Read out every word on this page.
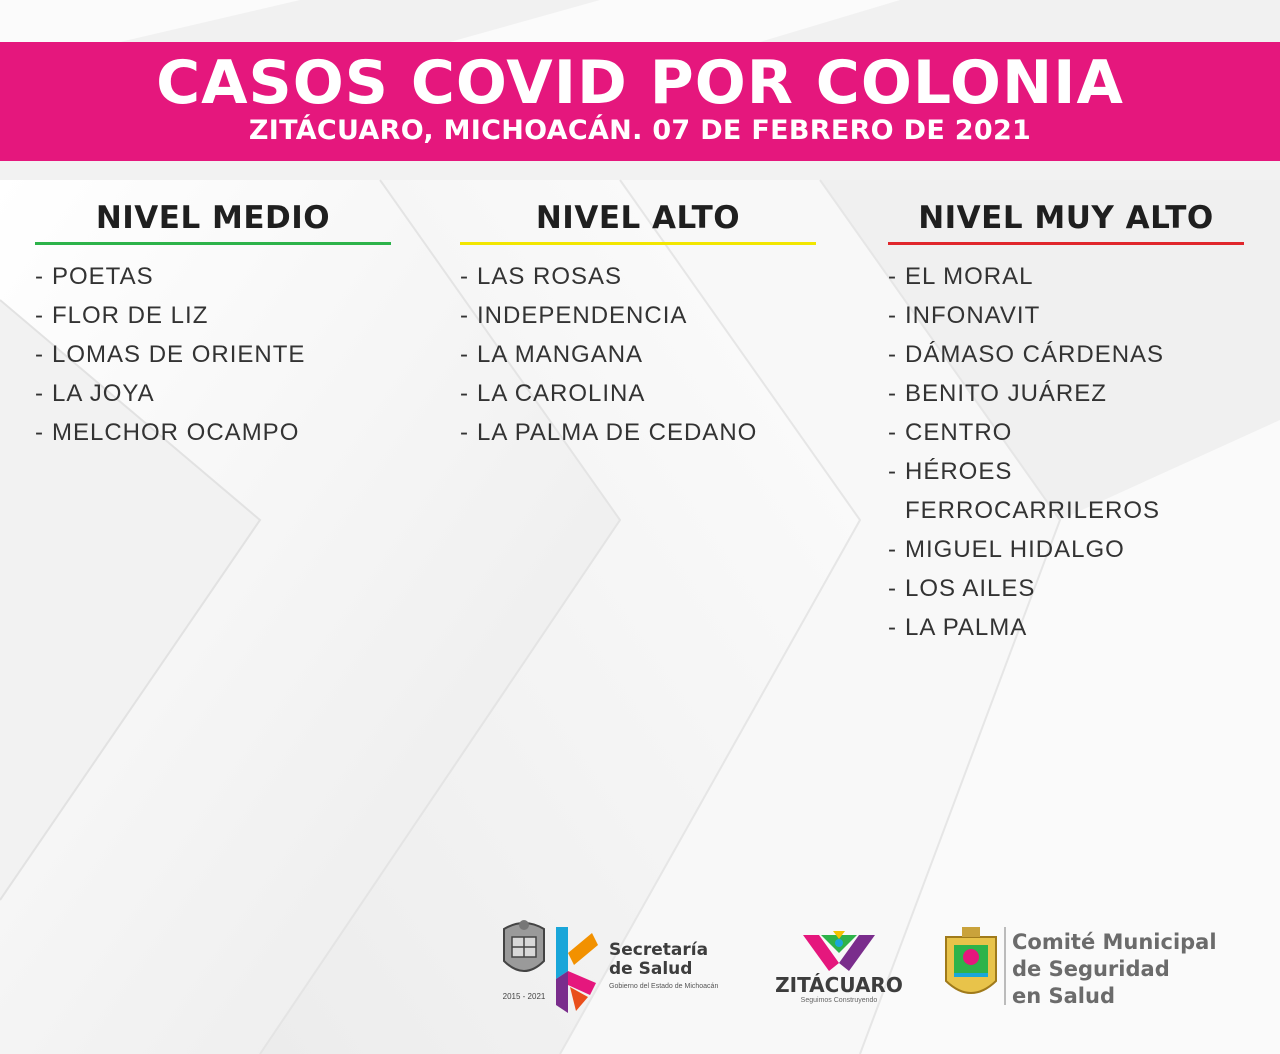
CASOS COVID POR COLONIA
ZITÁCUARO, MICHOACÁN. 07 DE FEBRERO DE 2021
NIVEL MEDIO
- POETAS
- FLOR DE LIZ
- LOMAS DE ORIENTE
- LA JOYA
- MELCHOR OCAMPO
NIVEL ALTO
- LAS ROSAS
- INDEPENDENCIA
- LA MANGANA
- LA CAROLINA
- LA PALMA DE CEDANO
NIVEL MUY ALTO
- EL MORAL
- INFONAVIT
- DÁMASO CÁRDENAS
- BENITO JUÁREZ
- CENTRO
- HÉROES FERROCARRILEROS
- MIGUEL HIDALGO
- LOS AILES
- LA PALMA
2015 - 2021
Secretaría
de Salud
Gobierno del Estado de Michoacán	ZITÁCUARO
Seguimos Construyendo
Comité Municipal
de Seguridad
en Salud
